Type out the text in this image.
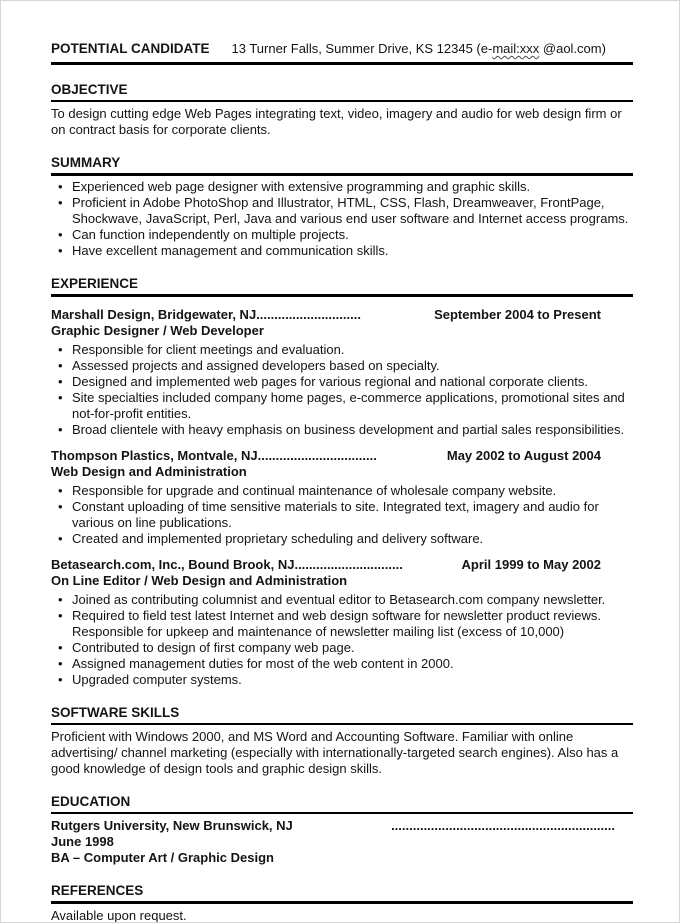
POTENTIAL CANDIDATE 13 Turner Falls, Summer Drive, KS 12345 (e-mail:xxx @aol.com)
OBJECTIVE

To design cutting edge Web Pages integrating text, video, imagery and audio for web design firm or on contract basis for corporate clients.

SUMMARY
• Experienced web page designer with extensive programming and graphic skills.
• Proficient in Adobe PhotoShop and Illustrator, HTML, CSS, Flash, Dreamweaver, FrontPage, Shockwave, JavaScript, Perl, Java and various end user software and Internet access programs.
• Can function independently on multiple projects.
• Have excellent management and communication skills.
EXPERIENCE
Marshall Design, Bridgewater, NJ.............................	September 2004 to Present
Graphic Designer / Web Developer
• Responsible for client meetings and evaluation.
• Assessed projects and assigned developers based on specialty.
• Designed and implemented web pages for various regional and national corporate clients.
• Site specialties included company home pages, e-commerce applications, promotional sites and not-for-profit entities.
• Broad clientele with heavy emphasis on business development and partial sales responsibilities.
Thompson Plastics, Montvale, NJ.................................	May 2002 to August 2004
Web Design and Administration
• Responsible for upgrade and continual maintenance of wholesale company website.
• Constant uploading of time sensitive materials to site. Integrated text, imagery and audio for various on line publications.
• Created and implemented proprietary scheduling and delivery software.
Betasearch.com, Inc., Bound Brook, NJ..............................	April 1999 to May 2002
On Line Editor / Web Design and Administration
• Joined as contributing columnist and eventual editor to Betasearch.com company newsletter.
• Required to field test latest Internet and web design software for newsletter product reviews. Responsible for upkeep and maintenance of newsletter mailing list (excess of 10,000)
• Contributed to design of first company web page.
• Assigned management duties for most of the web content in 2000.
• Upgraded computer systems.
SOFTWARE SKILLS

Proficient with Windows 2000, and MS Word and Accounting Software. Familiar with online advertising/ channel marketing (especially with internationally-targeted search engines). Also has a good knowledge of design tools and graphic design skills.

EDUCATION
Rutgers University, New Brunswick, NJ	..............................................................
June 1998
BA – Computer Art / Graphic Design
REFERENCES

Available upon request.
